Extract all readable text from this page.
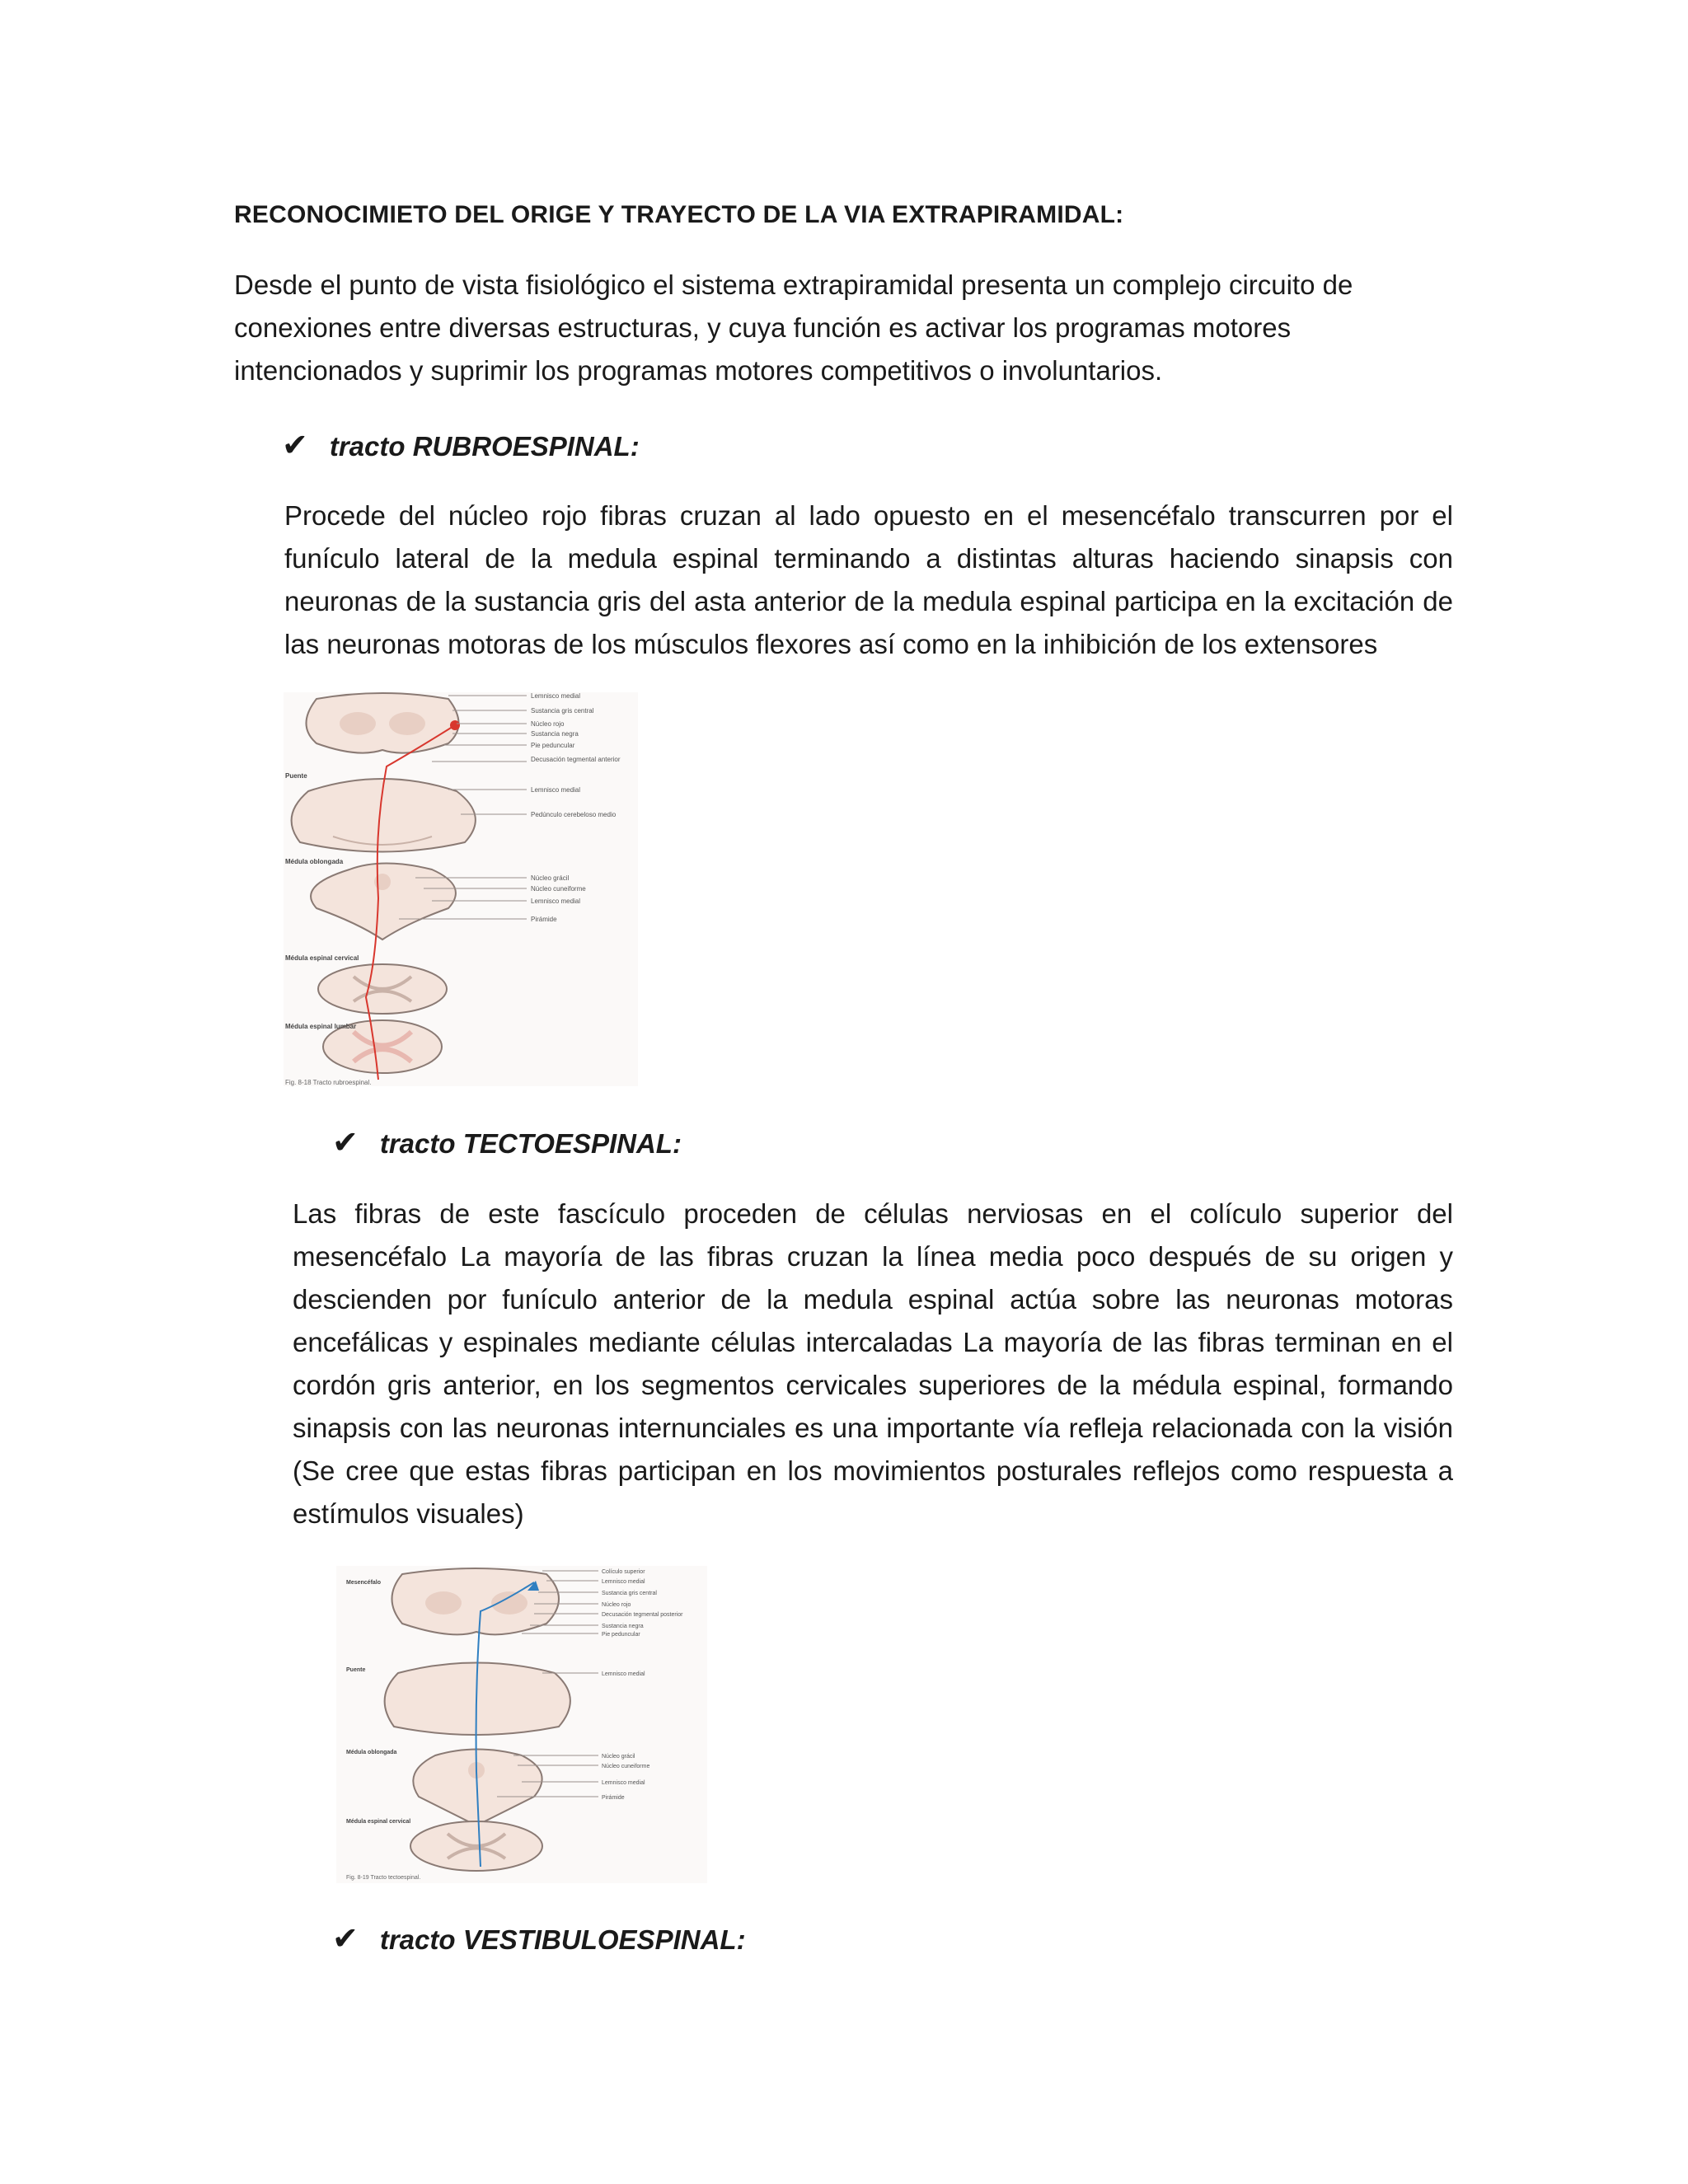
RECONOCIMIETO DEL ORIGE Y TRAYECTO DE LA VIA EXTRAPIRAMIDAL:

Desde el punto de vista fisiológico el sistema extrapiramidal presenta un complejo circuito de

conexiones entre diversas estructuras, y cuya función es activar los programas motores

intencionados y suprimir los programas motores competitivos o involuntarios.

✔ tracto RUBROESPINAL:
Procede del núcleo rojo fibras cruzan al lado opuesto en el mesencéfalo transcurren por el funículo lateral de la medula espinal terminando a distintas alturas haciendo sinapsis con neuronas de la sustancia gris del asta anterior de la medula espinal participa en la excitación de las neuronas motoras de los músculos flexores así como en la inhibición de los extensores
Lemnisco medial
Sustancia gris central
Núcleo rojo
Sustancia negra
Pie peduncular
Decusación tegmental anterior
Lemnisco medial
Pedúnculo cerebeloso medio
Núcleo grácil
Núcleo cuneiforme
Lemnisco medial
Pirámide
Puente
Médula oblongada
Médula espinal cervical
Médula espinal lumbar
Fig. 8-18 Tracto rubroespinal.
✔ tracto TECTOESPINAL:
Las fibras de este fascículo proceden de células nerviosas en el colículo superior del mesencéfalo La mayoría de las fibras cruzan la línea media poco después de su origen y descienden por funículo anterior de la medula espinal actúa sobre las neuronas motoras encefálicas y espinales mediante células intercaladas La mayoría de las fibras terminan en el cordón gris anterior, en los segmentos cervicales superiores de la médula espinal, formando sinapsis con las neuronas internunciales es una importante vía refleja relacionada con la visión (Se cree que estas fibras participan en los movimientos posturales reflejos como respuesta a estímulos visuales)
Colículo superior
Lemnisco medial
Sustancia gris central
Núcleo rojo
Decusación tegmental posterior
Sustancia negra
Pie peduncular
Lemnisco medial
Núcleo grácil
Núcleo cuneiforme
Lemnisco medial
Pirámide
Mesencéfalo
Puente
Médula oblongada
Médula espinal cervical
Fig. 8-19 Tracto tectoespinal.
✔ tracto VESTIBULOESPINAL:
